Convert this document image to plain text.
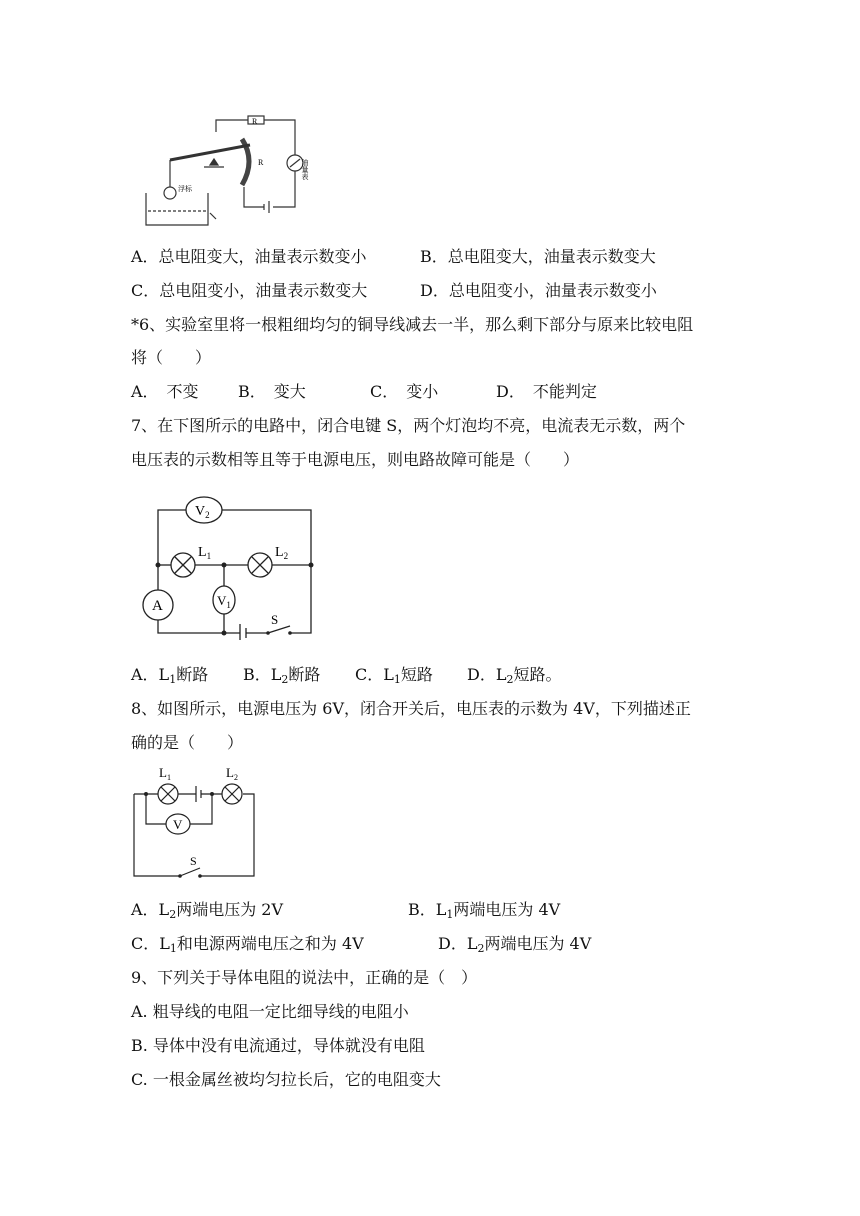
R
R	油量表
浮标
A．总电阻变大，油量表示数变小	B．总电阻变大，油量表示数变大
C．总电阻变小，油量表示数变大	D．总电阻变小，油量表示数变小
*6、实验室里将一根粗细均匀的铜导线减去一半，那么剩下部分与原来比较电阻
将（　　）
A．　不变 B．　变大	C．　变小	D．　不能判定
7、在下图所示的电路中，闭合电键 S，两个灯泡均不亮，电流表无示数，两个
电压表的示数相等且等于电源电压，则电路故障可能是（　　）
$V_2$
$L_1$	$L_2$
A	$V_1$
S
A．$L_1$断路 B．$L_2$断路 C．$L_1$短路 D．$L_2$短路。
8、如图所示，电源电压为 6V，闭合开关后，电压表的示数为 4V，下列描述正
确的是（　　）
$L_1$	$L_2$
V
S
A．$L_2$两端电压为 2V	B．$L_1$两端电压为 4V
C．$L_1$和电源两端电压之和为 4V	D．$L_2$两端电压为 4V
9、下列关于导体电阻的说法中，正确的是（　）
A. 粗导线的电阻一定比细导线的电阻小
B. 导体中没有电流通过，导体就没有电阻
C. 一根金属丝被均匀拉长后，它的电阻变大
